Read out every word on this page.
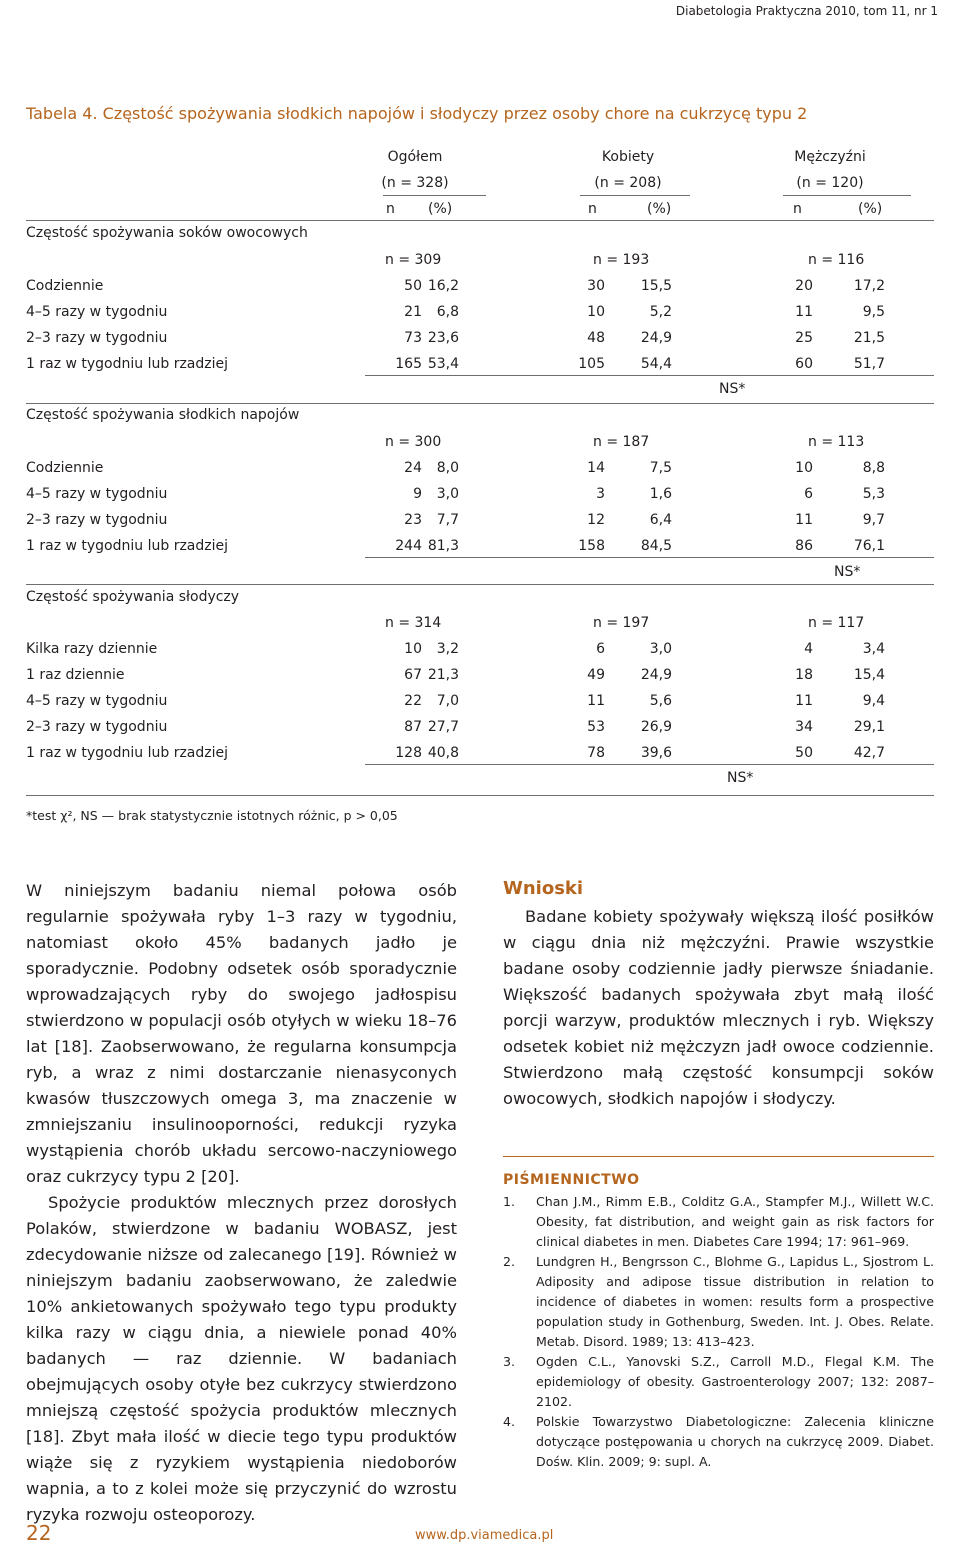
Diabetologia Praktyczna 2010, tom 11, nr 1
Tabela 4. Częstość spożywania słodkich napojów i słodyczy przez osoby chore na cukrzycę typu 2
Ogółem
(n = 328)
Kobiety
(n = 208)
Mężczyźni
(n = 120)
n (%)	n	(%)	n	(%)
Częstość spożywania soków owocowych
n = 309	n = 193	n = 116
Codziennie	50 16,2	30	15,5	20	17,2
4–5 razy w tygodniu	21	6,8	10	5,2	11	9,5
2–3 razy w tygodniu	73 23,6	48	24,9	25	21,5
1 raz w tygodniu lub rzadziej	165 53,4	105	54,4	60	51,7
NS*
Częstość spożywania słodkich napojów
n = 300	n = 187	n = 113
Codziennie	24	8,0	14	7,5	10	8,8
4–5 razy w tygodniu	9	3,0	3	1,6	6	5,3
2–3 razy w tygodniu	23	7,7	12	6,4	11	9,7
1 raz w tygodniu lub rzadziej	244 81,3	158	84,5	86	76,1
NS*
Częstość spożywania słodyczy
n = 314	n = 197	n = 117
Kilka razy dziennie	10	3,2	6	3,0	4	3,4
1 raz dziennie	67 21,3	49	24,9	18	15,4
4–5 razy w tygodniu	22	7,0	11	5,6	11	9,4
2–3 razy w tygodniu	87 27,7	53	26,9	34	29,1
1 raz w tygodniu lub rzadziej	128 40,8	78	39,6	50	42,7
NS*
*test χ², NS — brak statystycznie istotnych różnic, p > 0,05

W niniejszym badaniu niemal połowa osób regularnie spożywała ryby 1–3 razy w tygodniu, natomiast około 45% badanych jadło je sporadycznie. Podobny odsetek osób sporadycznie wprowadzających ryby do swojego jadłospisu stwierdzono w populacji osób otyłych w wieku 18–76 lat [18]. Zaobserwowano, że regularna konsumpcja ryb, a wraz z nimi dostarczanie nienasyconych kwasów tłuszczowych omega 3, ma znaczenie w zmniejszaniu insulinooporności, redukcji ryzyka wystąpienia chorób układu sercowo-naczyniowego oraz cukrzycy typu 2 [20].

Spożycie produktów mlecznych przez dorosłych Polaków, stwierdzone w badaniu WOBASZ, jest zdecydowanie niższe od zalecanego [19]. Również w niniejszym badaniu zaobserwowano, że zaledwie 10% ankietowanych spożywało tego typu produkty kilka razy w ciągu dnia, a niewiele ponad 40% badanych — raz dziennie. W badaniach obejmujących osoby otyłe bez cukrzycy stwierdzono mniejszą częstość spożycia produktów mlecznych [18]. Zbyt mała ilość w diecie tego typu produktów wiąże się z ryzykiem wystąpienia niedoborów wapnia, a to z kolei może się przyczynić do wzrostu ryzyka rozwoju osteoporozy.

Wnioski

Badane kobiety spożywały większą ilość posiłków w ciągu dnia niż mężczyźni. Prawie wszystkie badane osoby codziennie jadły pierwsze śniadanie. Większość badanych spożywała zbyt małą ilość porcji warzyw, produktów mlecznych i ryb. Większy odsetek kobiet niż mężczyzn jadł owoce codziennie. Stwierdzono małą częstość konsumpcji soków owocowych, słodkich napojów i słodyczy.

PIŚMIENNICTWO
1.	Chan J.M., Rimm E.B., Colditz G.A., Stampfer M.J., Willett W.C. Obesity, fat distribution, and weight gain as risk factors for clinical diabetes in men. Diabetes Care 1994; 17: 961–969.
2.	Lundgren H., Bengrsson C., Blohme G., Lapidus L., Sjostrom L. Adiposity and adipose tissue distribution in relation to incidence of diabetes in women: results form a prospective population study in Gothenburg, Sweden. Int. J. Obes. Relate. Metab. Disord. 1989; 13: 413–423.
3.	Ogden C.L., Yanovski S.Z., Carroll M.D., Flegal K.M. The epidemiology of obesity. Gastroenterology 2007; 132: 2087–2102.
4.	Polskie Towarzystwo Diabetologiczne: Zalecenia kliniczne dotyczące postępowania u chorych na cukrzycę 2009. Diabet. Dośw. Klin. 2009; 9: supl. A.
22	www.dp.viamedica.pl
